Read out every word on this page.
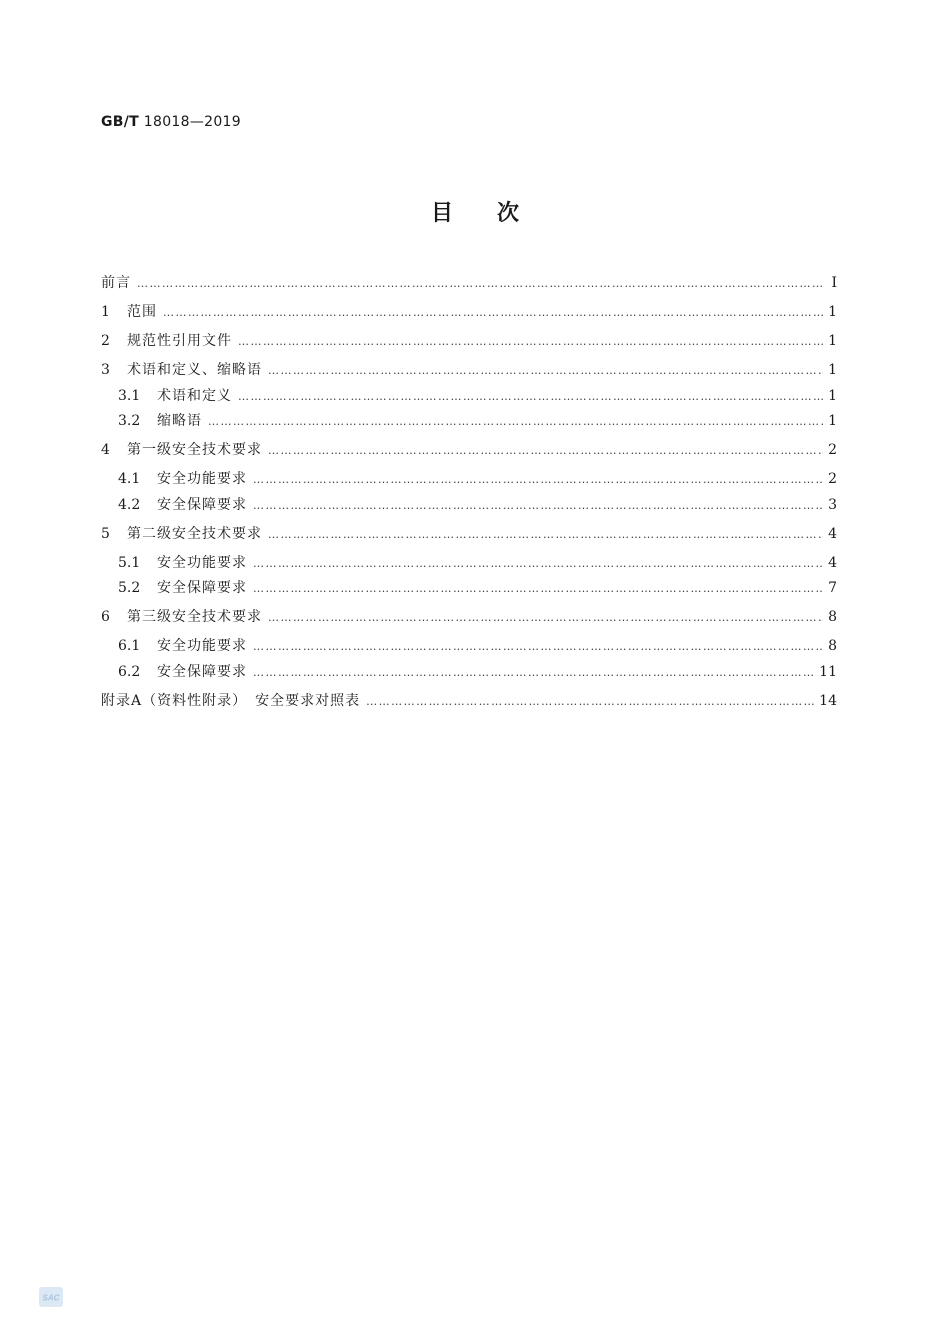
GB/T 18018—2019
目次
前言 ……………………………………………………………………………………………………………………………………………………………………………………………………………………………………	Ⅰ
1	范围 ……………………………………………………………………………………………………………………………………………………………………………………………………………………………………	1
2	规范性引用文件 ……………………………………………………………………………………………………………………………………………………………………………………………………………………………………	1
3	术语和定义、缩略语 ……………………………………………………………………………………………………………………………………………………………………………………………………………………………………	1
3.1	术语和定义 ……………………………………………………………………………………………………………………………………………………………………………………………………………………………………	1
3.2	缩略语 ……………………………………………………………………………………………………………………………………………………………………………………………………………………………………	1
4	第一级安全技术要求 ……………………………………………………………………………………………………………………………………………………………………………………………………………………………………	2
4.1	安全功能要求 ……………………………………………………………………………………………………………………………………………………………………………………………………………………………………	2
4.2	安全保障要求 ……………………………………………………………………………………………………………………………………………………………………………………………………………………………………	3
5	第二级安全技术要求 ……………………………………………………………………………………………………………………………………………………………………………………………………………………………………	4
5.1	安全功能要求 ……………………………………………………………………………………………………………………………………………………………………………………………………………………………………	4
5.2	安全保障要求 ……………………………………………………………………………………………………………………………………………………………………………………………………………………………………	7
6	第三级安全技术要求 ……………………………………………………………………………………………………………………………………………………………………………………………………………………………………	8
6.1	安全功能要求 ……………………………………………………………………………………………………………………………………………………………………………………………………………………………………	8
6.2	安全保障要求 ……………………………………………………………………………………………………………………………………………………………………………………………………………………………………	11
附录A（资料性附录）　安全要求对照表 ……………………………………………………………………………………………………………………………………………………………………………………………………………………………………	14
SAC
